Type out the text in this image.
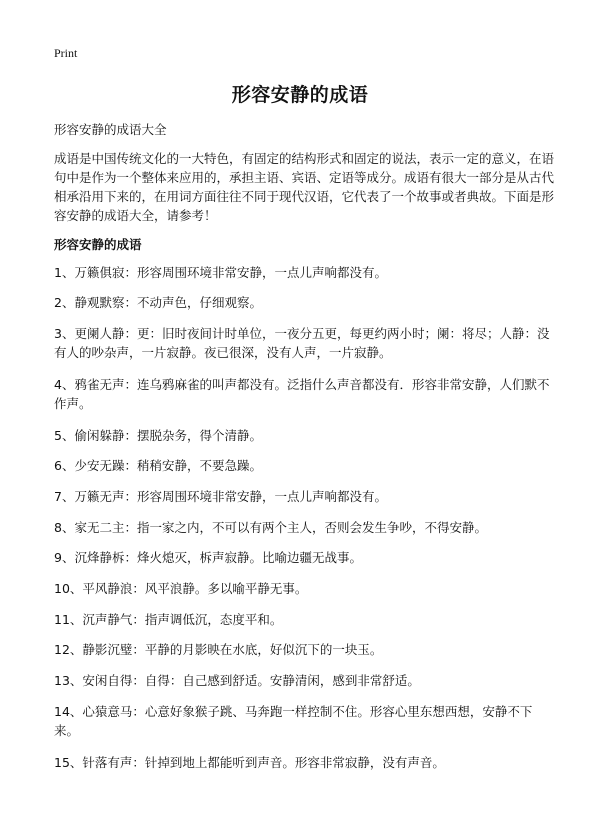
Print
形容安静的成语

形容安静的成语大全

成语是中国传统文化的一大特色，有固定的结构形式和固定的说法，表示一定的意义，在语句中是作为一个整体来应用的，承担主语、宾语、定语等成分。成语有很大一部分是从古代相承沿用下来的，在用词方面往往不同于现代汉语，它代表了一个故事或者典故。下面是形容安静的成语大全，请参考！

形容安静的成语

1、万籁俱寂：形容周围环境非常安静，一点儿声响都没有。

2、静观默察：不动声色，仔细观察。

3、更阑人静：更：旧时夜间计时单位，一夜分五更，每更约两小时；阑：将尽；人静：没有人的吵杂声，一片寂静。夜已很深，没有人声，一片寂静。

4、鸦雀无声：连乌鸦麻雀的叫声都没有。泛指什么声音都没有．形容非常安静，人们默不作声。

5、偷闲躲静：摆脱杂务，得个清静。

6、少安无躁：稍稍安静，不要急躁。

7、万籁无声：形容周围环境非常安静，一点儿声响都没有。

8、家无二主：指一家之内，不可以有两个主人，否则会发生争吵，不得安静。

9、沉烽静柝：烽火熄灭，柝声寂静。比喻边疆无战事。

10、平风静浪：风平浪静。多以喻平静无事。

11、沉声静气：指声调低沉，态度平和。

12、静影沉璧：平静的月影映在水底，好似沉下的一块玉。

13、安闲自得：自得：自己感到舒适。安静清闲，感到非常舒适。

14、心猿意马：心意好象猴子跳、马奔跑一样控制不住。形容心里东想西想，安静不下来。

15、针落有声：针掉到地上都能听到声音。形容非常寂静，没有声音。
